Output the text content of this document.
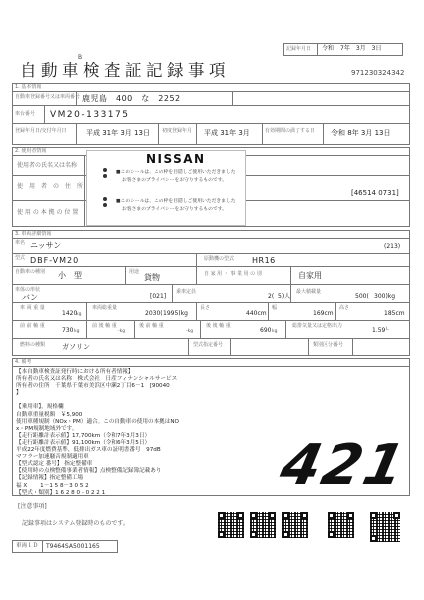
B
自動車検査証記録事項
記録年月日 令和　7年　3月　3日
971230324342
1. 基本情報
自動車登録番号又は車両番号 鹿児島　400　な　2252
車台番号 VM20-133175
登録年月日/交付年月日	平成 31年 3月 13日 初度登録年月 平成 31年 3月	有効期間の満了する日 令和 8年 3月 13日
2. 使用者情報
使用者の氏名又は名称
使　用　者　の　住　所
[46514 0731]
使 用 の 本 拠 の 位 置
NISSAN
■このシールは、この枠を目隠しご使用いただきました
お客さまのプライバシーをお守りするものです。
■このシールは、この枠を目隠しご使用いただきました
お客さまのプライバシーをお守りするものです。
3. 車両詳細情報
車名 ニッサン	(213)
型式 DBF-VM20	原動機の型式 HR16
自動車の種別 小　型	用途
貨物	自 家 用 ・ 事 業 用 の 別	自家用
車体の形状
バン	[021]
乗車定員
2( 5)人
最大積載量
500( 300)kg
車 両 重 量
1420
kg
車両総重量
2030( 1995)kg
長さ
440cm
幅
169cm
高さ
185cm
前 前 軸 重
730 kg
前 後 軸 重
-kg
後 前 軸 重
-kg
後 後 軸 重
690 kg
総排気量又は定格出力
1.59 L
燃料の種類 ガソリン	型式指定番号	類別区分番号
4. 備考
【本自動車検査証発行時における所有者情報】
所有者の氏名又は名称　株式会社　日産フィナンシャルサービス
所有者の住所　千葉県千葉市美浜区中瀬2丁目6－1　[90040
】
【乗用車】，規格欄
自動車重量税額　￥5,900
使用車種規制（NOx・PM）適合。この自動車の使用の本拠はNO
x・PM規制地域外です。
【走行距離計表示値】17,700km（令和7年3月3日）
【走行距離計表示値】91,100km（令和6年3月5日）
平成22年度燃費基準，低排出ガス車の証明書番号　97dB
マフラー加速騒音規制適用車
【型式認定 番号】 指定整備車
【使用時の点検整備事業者情報】点検整備記録簿記載あり
【記録情報】指定整備工場
福 X 　　1－1 5 8－3 0 5 2
【型式・類別】1 6 2 8 0 - 0 2 2 1	421
[注意事項]
記録事項はシステム登録時のものです。
車両ＩＤ T9464SA5001165
